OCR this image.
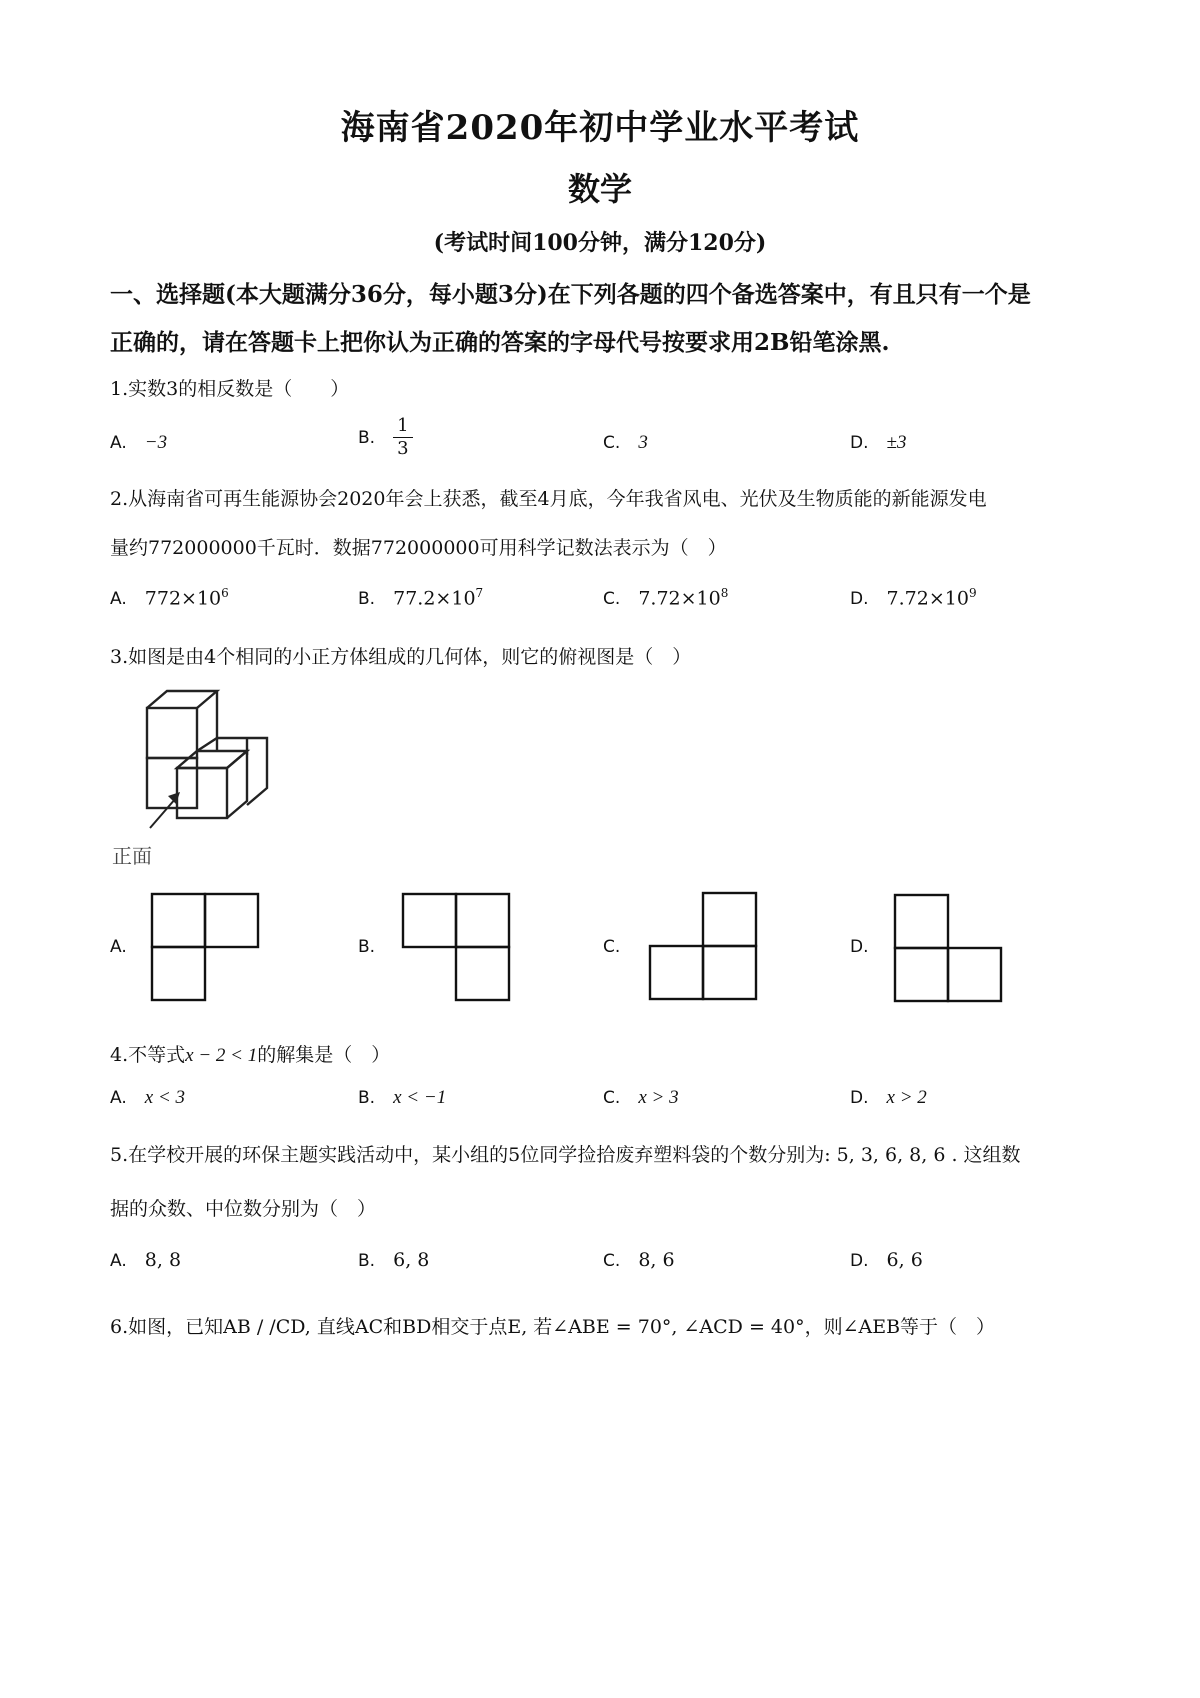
海南省2020年初中学业水平考试
数学
(考试时间100分钟，满分120分)
一、选择题(本大题满分36分，每小题3分)在下列各题的四个备选答案中，有且只有一个是
正确的，请在答题卡上把你认为正确的答案的字母代号按要求用2B铅笔涂黑.
1.实数3的相反数是（　　）
A. −3	B. $\frac{1}{3}$	C. 3	D. ±3
2.从海南省可再生能源协会2020年会上获悉，截至4月底，今年我省风电、光伏及生物质能的新能源发电
量约772000000千瓦时．数据772000000可用科学记数法表示为（　）
A. $772\times 10^6$	B. $77.2\times 10^7$	C. $7.72\times 10^8$	D. $7.72\times 10^9$
3.如图是由4个相同的小正方体组成的几何体，则它的俯视图是（　）
正面
A.	B.	C.	D.
4.不等式x − 2 < 1的解集是（　）
A. x < 3	B. x < −1	C. x > 3	D. x > 2
5.在学校开展的环保主题实践活动中，某小组的5位同学捡拾废弃塑料袋的个数分别为: 5, 3, 6, 8, 6 . 这组数
据的众数、中位数分别为（　）
A. 8, 8	B. 6, 8	C. 8, 6	D. 6, 6
6.如图，已知AB / /CD, 直线AC和BD相交于点E, 若∠ABE = 70°, ∠ACD = 40°，则∠AEB等于（　）
